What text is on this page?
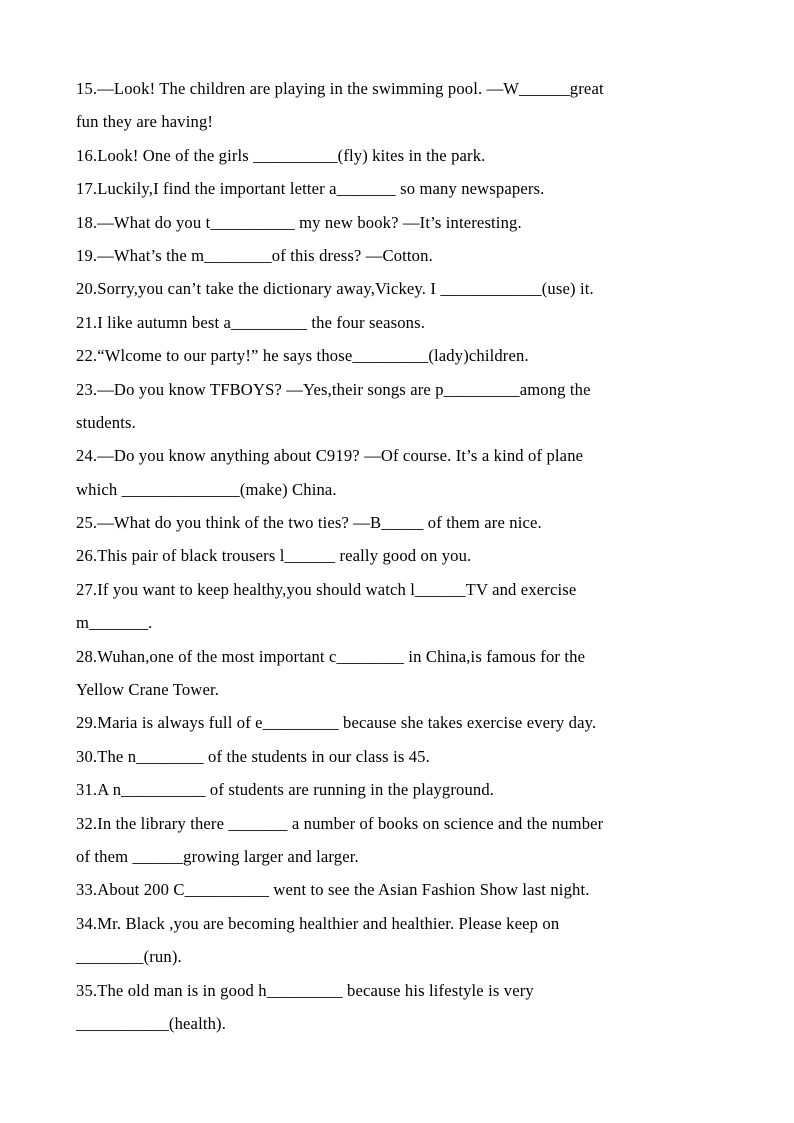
15.—Look! The children are playing in the swimming pool. —W______great
fun they are having!
16.Look! One of the girls __________(fly) kites in the park.
17.Luckily,I find the important letter a_______ so many newspapers.
18.—What do you t__________ my new book? —It’s interesting.
19.—What’s the m________of this dress? —Cotton.
20.Sorry,you can’t take the dictionary away,Vickey. I ____________(use) it.
21.I like autumn best a_________ the four seasons.
22.“Wlcome to our party!” he says those_________(lady)children.
23.—Do you know TFBOYS? —Yes,their songs are p_________among the
students.
24.—Do you know anything about C919? —Of course. It’s a kind of plane
which ______________(make) China.
25.—What do you think of the two ties? —B_____ of them are nice.
26.This pair of black trousers l______ really good on you.
27.If you want to keep healthy,you should watch l______TV and exercise
m_______.
28.Wuhan,one of the most important c________ in China,is famous for the
Yellow Crane Tower.
29.Maria is always full of e_________ because she takes exercise every day.
30.The n________ of the students in our class is 45.
31.A n__________ of students are running in the playground.
32.In the library there _______ a number of books on science and the number
of them ______growing larger and larger.
33.About 200 C__________ went to see the Asian Fashion Show last night.
34.Mr. Black ,you are becoming healthier and healthier. Please keep on
________(run).
35.The old man is in good h_________ because his lifestyle is very
___________(health).
